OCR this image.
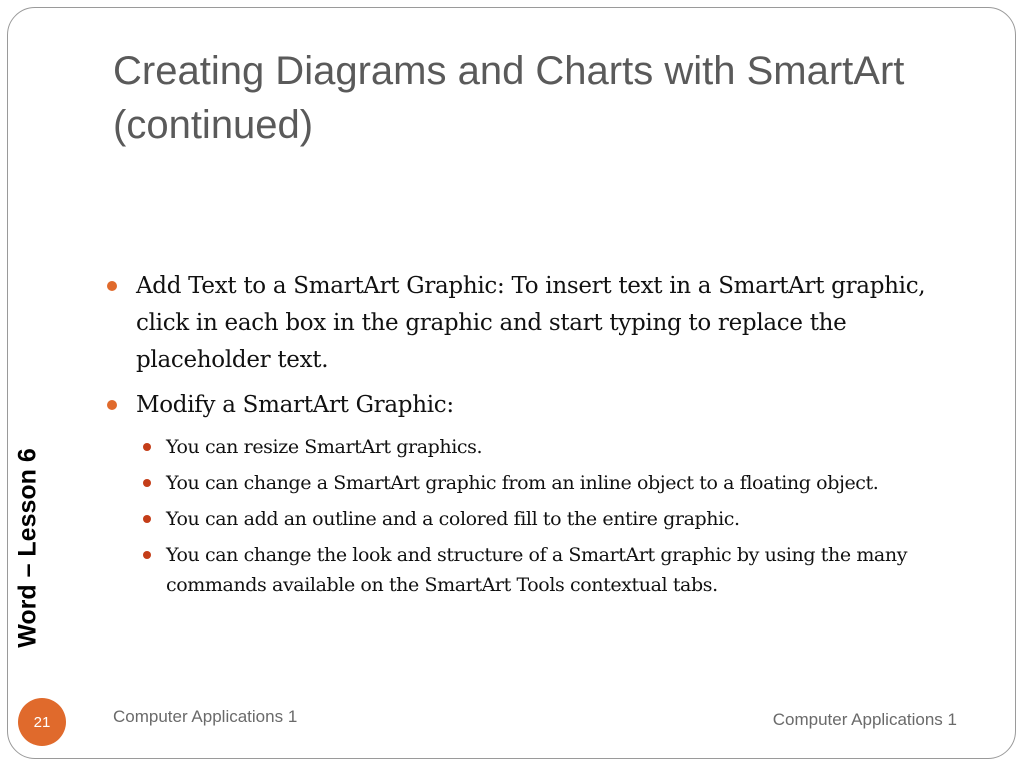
Creating Diagrams and Charts with SmartArt (continued)
Add Text to a SmartArt Graphic: To insert text in a SmartArt graphic, click in each box in the graphic and start typing to replace the placeholder text.
Modify a SmartArt Graphic:
You can resize SmartArt graphics.
You can change a SmartArt graphic from an inline object to a floating object.
You can add an outline and a colored fill to the entire graphic.
You can change the look and structure of a SmartArt graphic by using the many commands available on the SmartArt Tools contextual tabs.
Word – Lesson 6
21	Computer Applications 1	Computer Applications 1
